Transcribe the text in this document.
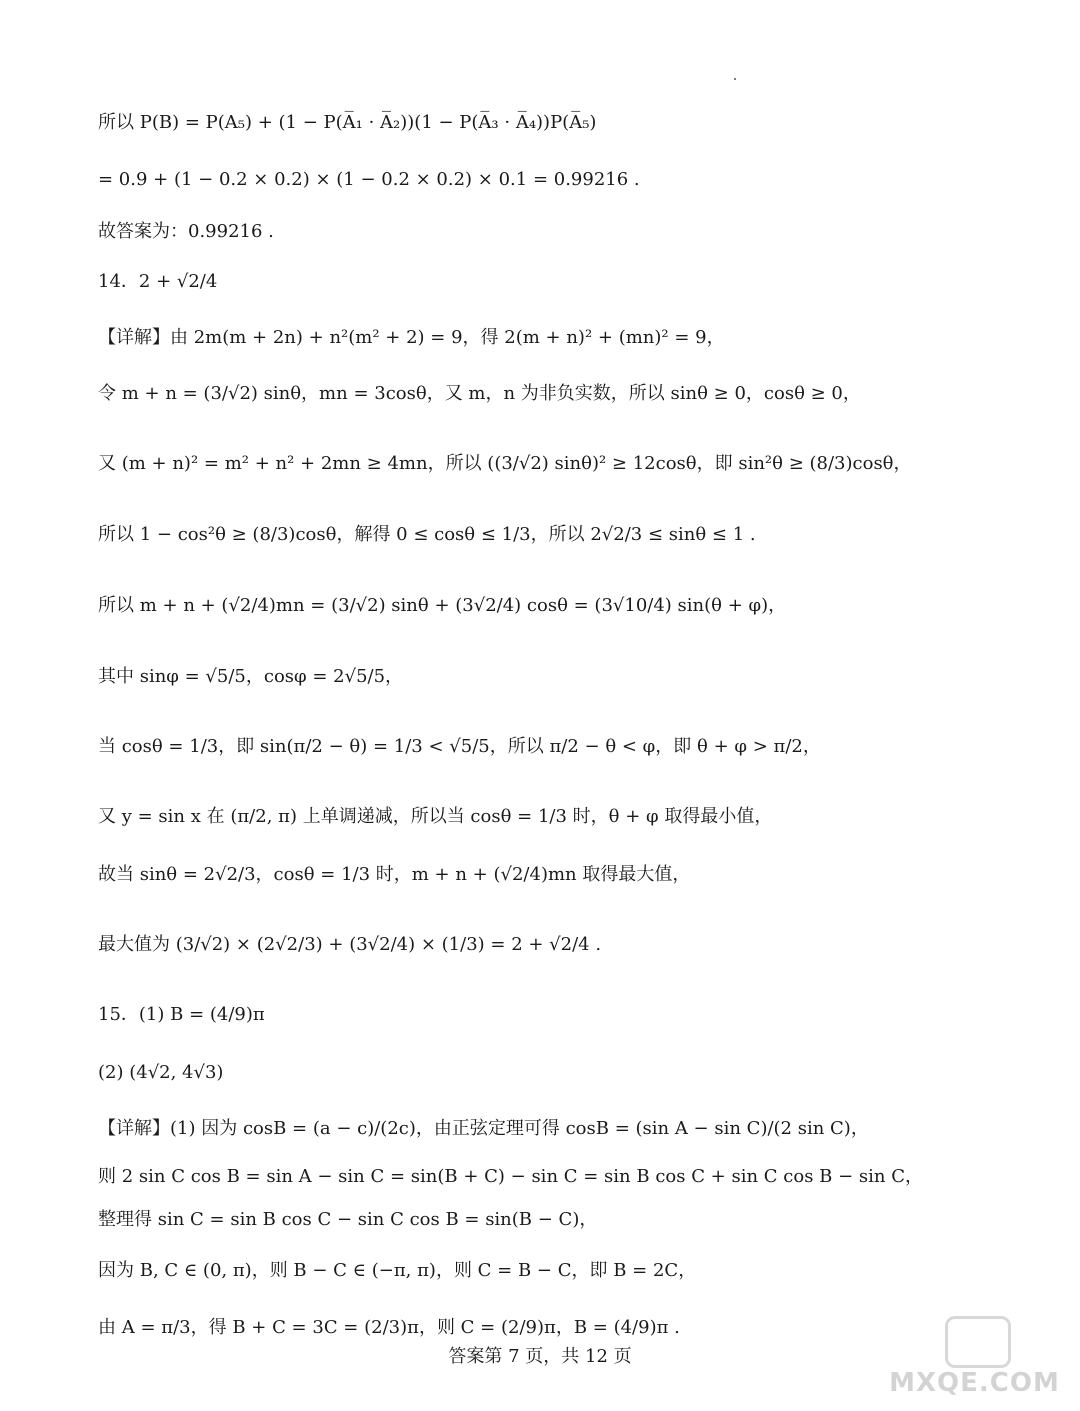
所以 P(B) = P(A₅) + (1 − P(A̅₁ · A̅₂))(1 − P(A̅₃ · A̅₄))P(A̅₅)
= 0.9 + (1 − 0.2 × 0.2) × (1 − 0.2 × 0.2) × 0.1 = 0.99216 .
故答案为：0.99216 .
14．2 + √2/4
【详解】由 2m(m + 2n) + n²(m² + 2) = 9，得 2(m + n)² + (mn)² = 9，
令 m + n = (3/√2) sinθ，mn = 3cosθ，又 m，n 为非负实数，所以 sinθ ≥ 0，cosθ ≥ 0，
又 (m + n)² = m² + n² + 2mn ≥ 4mn，所以 ((3/√2) sinθ)² ≥ 12cosθ，即 sin²θ ≥ (8/3)cosθ，
所以 1 − cos²θ ≥ (8/3)cosθ，解得 0 ≤ cosθ ≤ 1/3，所以 2√2/3 ≤ sinθ ≤ 1 .
所以 m + n + (√2/4)mn = (3/√2) sinθ + (3√2/4) cosθ = (3√10/4) sin(θ + φ)，
其中 sinφ = √5/5，cosφ = 2√5/5，
当 cosθ = 1/3，即 sin(π/2 − θ) = 1/3 < √5/5，所以 π/2 − θ < φ，即 θ + φ > π/2，
又 y = sin x 在 (π/2, π) 上单调递减，所以当 cosθ = 1/3 时，θ + φ 取得最小值，
故当 sinθ = 2√2/3，cosθ = 1/3 时，m + n + (√2/4)mn 取得最大值，
最大值为 (3/√2) × (2√2/3) + (3√2/4) × (1/3) = 2 + √2/4 .
15．(1) B = (4/9)π
(2) (4√2, 4√3)
【详解】(1) 因为 cosB = (a − c)/(2c)，由正弦定理可得 cosB = (sin A − sin C)/(2 sin C)，
则 2 sin C cos B = sin A − sin C = sin(B + C) − sin C = sin B cos C + sin C cos B − sin C，
整理得 sin C = sin B cos C − sin C cos B = sin(B − C)，
因为 B, C ∈ (0, π)，则 B − C ∈ (−π, π)，则 C = B − C，即 B = 2C，
由 A = π/3，得 B + C = 3C = (2/3)π，则 C = (2/9)π，B = (4/9)π .
答案第 7 页，共 12 页
MXQE.COM
